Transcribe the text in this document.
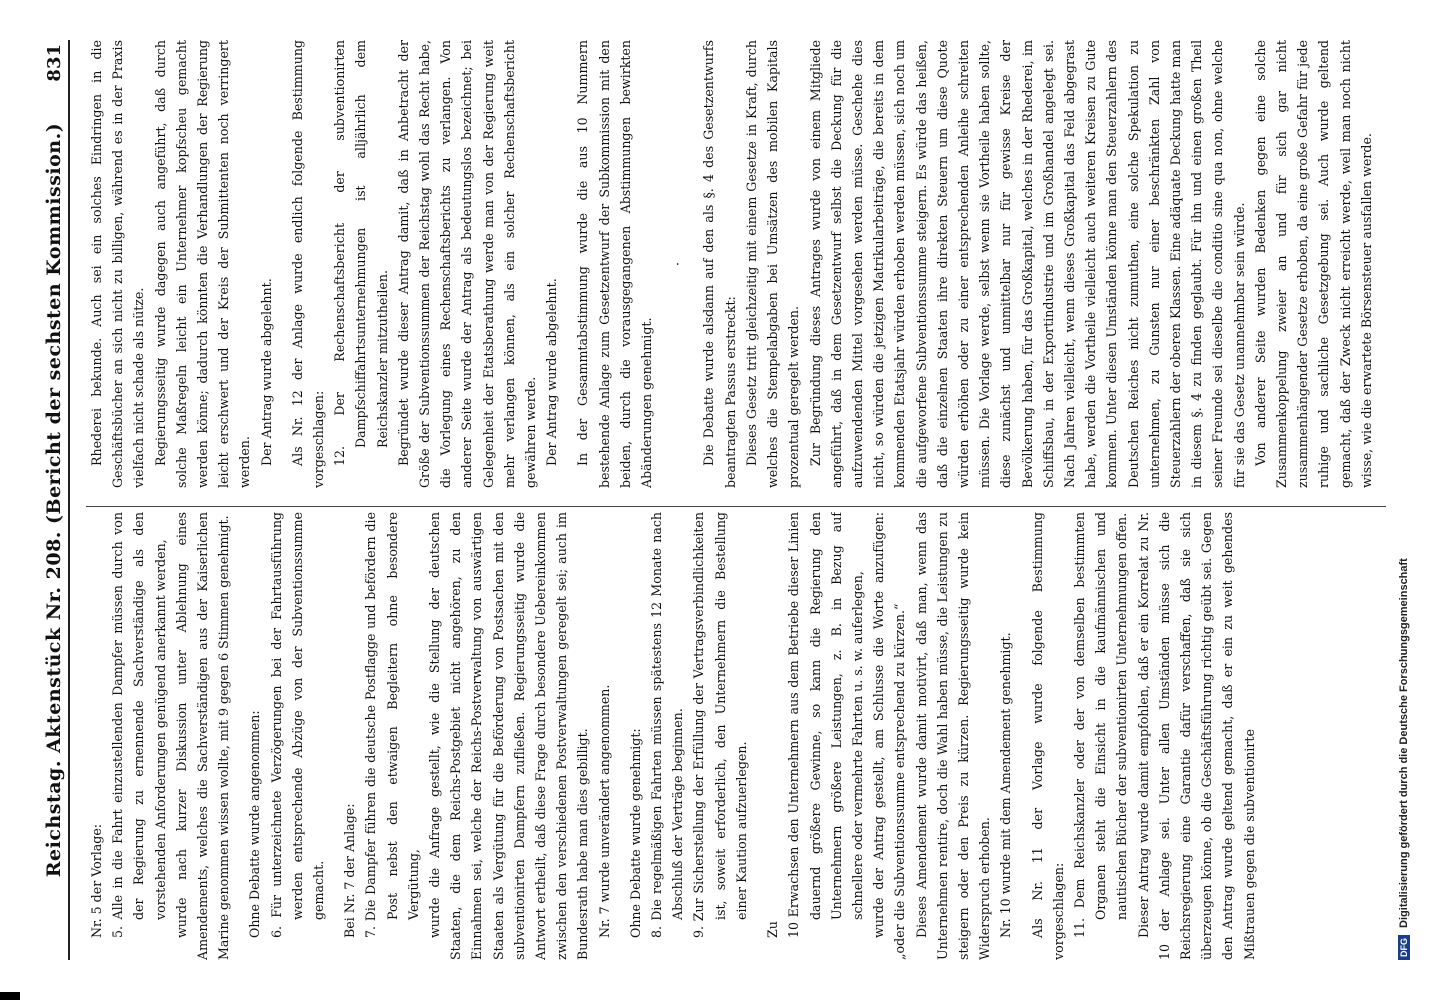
Reichstag. Aktenstück Nr. 208. (Bericht der sechsten Kommission.)
831

Nr. 5 der Vorlage: 5. Alle in die Fahrt einzustellenden Dampfer müssen durch von der Regierung zu ernennende Sachverständige als den vorstehenden Anforderungen genügend anerkannt werden, wurde nach kurzer Diskussion unter Ablehnung eines Amendements, welches die Sachverständigen aus der Kaiserlichen Marine genommen wissen wollte, mit 9 gegen 6 Stimmen genehmigt. Ohne Debatte wurde angenommen: 6. Für unterzeichnete Verzögerungen bei der Fahrtausführung werden entsprechende Abzüge von der Subventionssumme gemacht. Bei Nr. 7 der Anlage: 7. Die Dampfer führen die deutsche Postflagge und befördern die Post nebst den etwaigen Begleitern ohne besondere Vergütung, wurde die Anfrage gestellt, wie die Stellung der deutschen Staaten, die dem Reichs-Postgebiet nicht angehören, zu den Einnahmen sei, welche der Reichs-Postverwaltung von auswärtigen Staaten als Vergütung für die Beförderung von Postsachen mit den subventionirten Dampfern zufließen. Regierungsseitig wurde die Antwort ertheilt, daß diese Frage durch besondere Uebereinkommen zwischen den verschiedenen Postverwaltungen geregelt sei; auch im Bundesrath habe man dies gebilligt. Nr. 7 wurde unverändert angenommen. Ohne Debatte wurde genehmigt: 8. Die regelmäßigen Fahrten müssen spätestens 12 Monate nach Abschluß der Verträge beginnen. 9. Zur Sicherstellung der Erfüllung der Vertragsverbindlichkeiten ist, soweit erforderlich, den Unternehmern die Bestellung einer Kaution aufzuerlegen.

Zu 10 Erwachsen den Unternehmern aus dem Betriebe dieser Linien dauernd größere Gewinne, so kann die Regierung den Unternehmern größere Leistungen, z. B. in Bezug auf schnellere oder vermehrte Fahrten u. s. w. auferlegen, wurde der Antrag gestellt, am Schlusse die Worte anzufügen: „oder die Subventionssumme entsprechend zu kürzen.“ Dieses Amendement wurde damit motivirt, daß man, wenn das Unternehmen rentire, doch die Wahl haben müsse, die Leistungen zu steigern oder den Preis zu kürzen. Regierungsseitig wurde kein Widerspruch erhoben. Nr. 10 wurde mit dem Amendement genehmigt. Als Nr. 11 der Vorlage wurde folgende Bestimmung vorgeschlagen: 11. Dem Reichskanzler oder der von demselben bestimmten Organen steht die Einsicht in die kaufmännischen und nautischen Bücher der subventionirten Unternehmungen offen. Dieser Antrag wurde damit empfohlen, daß er ein Korrelat zu Nr. 10 der Anlage sei. Unter allen Umständen müsse sich die Reichsregierung eine Garantie dafür verschaffen, daß sie sich überzeugen könne, ob die Geschäftsführung richtig geübt sei. Gegen den Antrag wurde geltend gemacht, daß er ein zu weit gehendes Mißtrauen gegen die subventionirte

Rhederei bekunde. Auch sei ein solches Eindringen in die Geschäftsbücher an sich nicht zu billigen, während es in der Praxis vielfach nicht schade als nütze. Regierungsseitig wurde dagegen auch angeführt, daß durch solche Maßregeln leicht ein Unternehmer kopfscheu gemacht werden könne; dadurch könnten die Verhandlungen der Regierung leicht erschwert und der Kreis der Submittenten noch verringert werden. Der Antrag wurde abgelehnt. Als Nr. 12 der Anlage wurde endlich folgende Bestimmung vorgeschlagen: 12. Der Rechenschaftsbericht der subventionirten Dampfschiffahrtsunternehmungen ist alljährlich dem Reichskanzler mitzutheilen. Begründet wurde dieser Antrag damit, daß in Anbetracht der Größe der Subventionssummen der Reichstag wohl das Recht habe, die Vorlegung eines Rechenschaftsberichts zu verlangen. Von anderer Seite wurde der Antrag als bedeutungslos bezeichnet; bei Gelegenheit der Etatsberathung werde man von der Regierung weit mehr verlangen können, als ein solcher Rechenschaftsbericht gewähren werde. Der Antrag wurde abgelehnt. In der Gesammtabstimmung wurde die aus 10 Nummern bestehende Anlage zum Gesetzentwurf der Subkommission mit den beiden, durch die vorausgegangenen Abstimmungen bewirkten Abänderungen genehmigt.

· Die Debatte wurde alsdann auf den als §. 4 des Gesetzentwurfs beantragten Passus erstreckt: Dieses Gesetz tritt gleichzeitig mit einem Gesetze in Kraft, durch welches die Stempelabgaben bei Umsätzen des mobilen Kapitals prozentual geregelt werden. Zur Begründung dieses Antrages wurde von einem Mitgliede angeführt, daß in dem Gesetzentwurf selbst die Deckung für die aufzuwendenden Mittel vorgesehen werden müsse. Geschehe dies nicht, so würden die jetzigen Matrikularbeiträge, die bereits in dem kommenden Etatsjahr würden erhoben werden müssen, sich noch um die aufgeworfene Subventionssumme steigern. Es würde das heißen, daß die einzelnen Staaten ihre direkten Steuern um diese Quote würden erhöhen oder zu einer entsprechenden Anleihe schreiten müssen. Die Vorlage werde, selbst wenn sie Vortheile haben sollte, diese zunächst und unmittelbar nur für gewisse Kreise der Bevölkerung haben, für das Großkapital, welches in der Rhederei, im Schiffsbau, in der Exportindustrie und im Großhandel angelegt sei. Nach Jahren vielleicht, wenn dieses Großkapital das Feld abgegrast habe, werden die Vortheile vielleicht auch weiteren Kreisen zu Gute kommen. Unter diesen Umständen könne man den Steuerzahlern des Deutschen Reiches nicht zumuthen, eine solche Spekulation zu unternehmen, zu Gunsten nur einer beschränkten Zahl von Steuerzahlern der oberen Klassen. Eine adäquate Deckung hatte man in diesem §. 4 zu finden geglaubt. Für ihn und einen großen Theil seiner Freunde sei dieselbe die conditio sine qua non, ohne welche für sie das Gesetz unannehmbar sein würde. Von anderer Seite wurden Bedenken gegen eine solche Zusammenkoppelung zweier an und für sich gar nicht zusammenhängender Gesetze erhoben, da eine große Gefahr für jede ruhige und sachliche Gesetzgebung sei. Auch wurde geltend gemacht, daß der Zweck nicht erreicht werde, weil man noch nicht wisse, wie die erwartete Börsensteuer ausfallen werde.

DFG Digitalisierung gefördert durch die Deutsche Forschungsgemeinschaft
